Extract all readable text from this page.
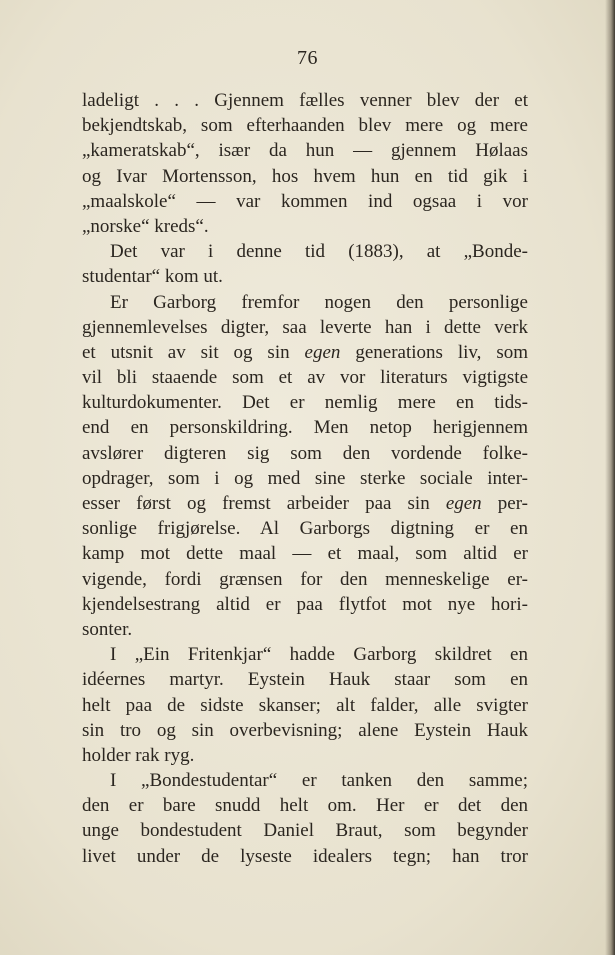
76
ladeligt . . . Gjennem fælles venner blev der et
bekjendtskab, som efterhaanden blev mere og mere
„kameratskab“, især da hun — gjennem Hølaas
og Ivar Mortensson, hos hvem hun en tid gik i
„maalskole“ — var kommen ind ogsaa i vor
„norske“ kreds“.
Det var i denne tid (1883), at „Bonde-
studentar“ kom ut.
Er Garborg fremfor nogen den personlige
gjennemlevelses digter, saa leverte han i dette verk
et utsnit av sit og sin egen generations liv, som
vil bli staaende som et av vor literaturs vigtigste
kulturdokumenter. Det er nemlig mere en tids-
end en personskildring. Men netop herigjennem
avslører digteren sig som den vordende folke-
opdrager, som i og med sine sterke sociale inter-
esser først og fremst arbeider paa sin egen per-
sonlige frigjørelse. Al Garborgs digtning er en
kamp mot dette maal — et maal, som altid er
vigende, fordi grænsen for den menneskelige er-
kjendelsestrang altid er paa flytfot mot nye hori-
sonter.
I „Ein Fritenkjar“ hadde Garborg skildret en
idéernes martyr. Eystein Hauk staar som en
helt paa de sidste skanser; alt falder, alle svigter
sin tro og sin overbevisning; alene Eystein Hauk
holder rak ryg.
I „Bondestudentar“ er tanken den samme;
den er bare snudd helt om. Her er det den
unge bondestudent Daniel Braut, som begynder
livet under de lyseste idealers tegn; han tror
